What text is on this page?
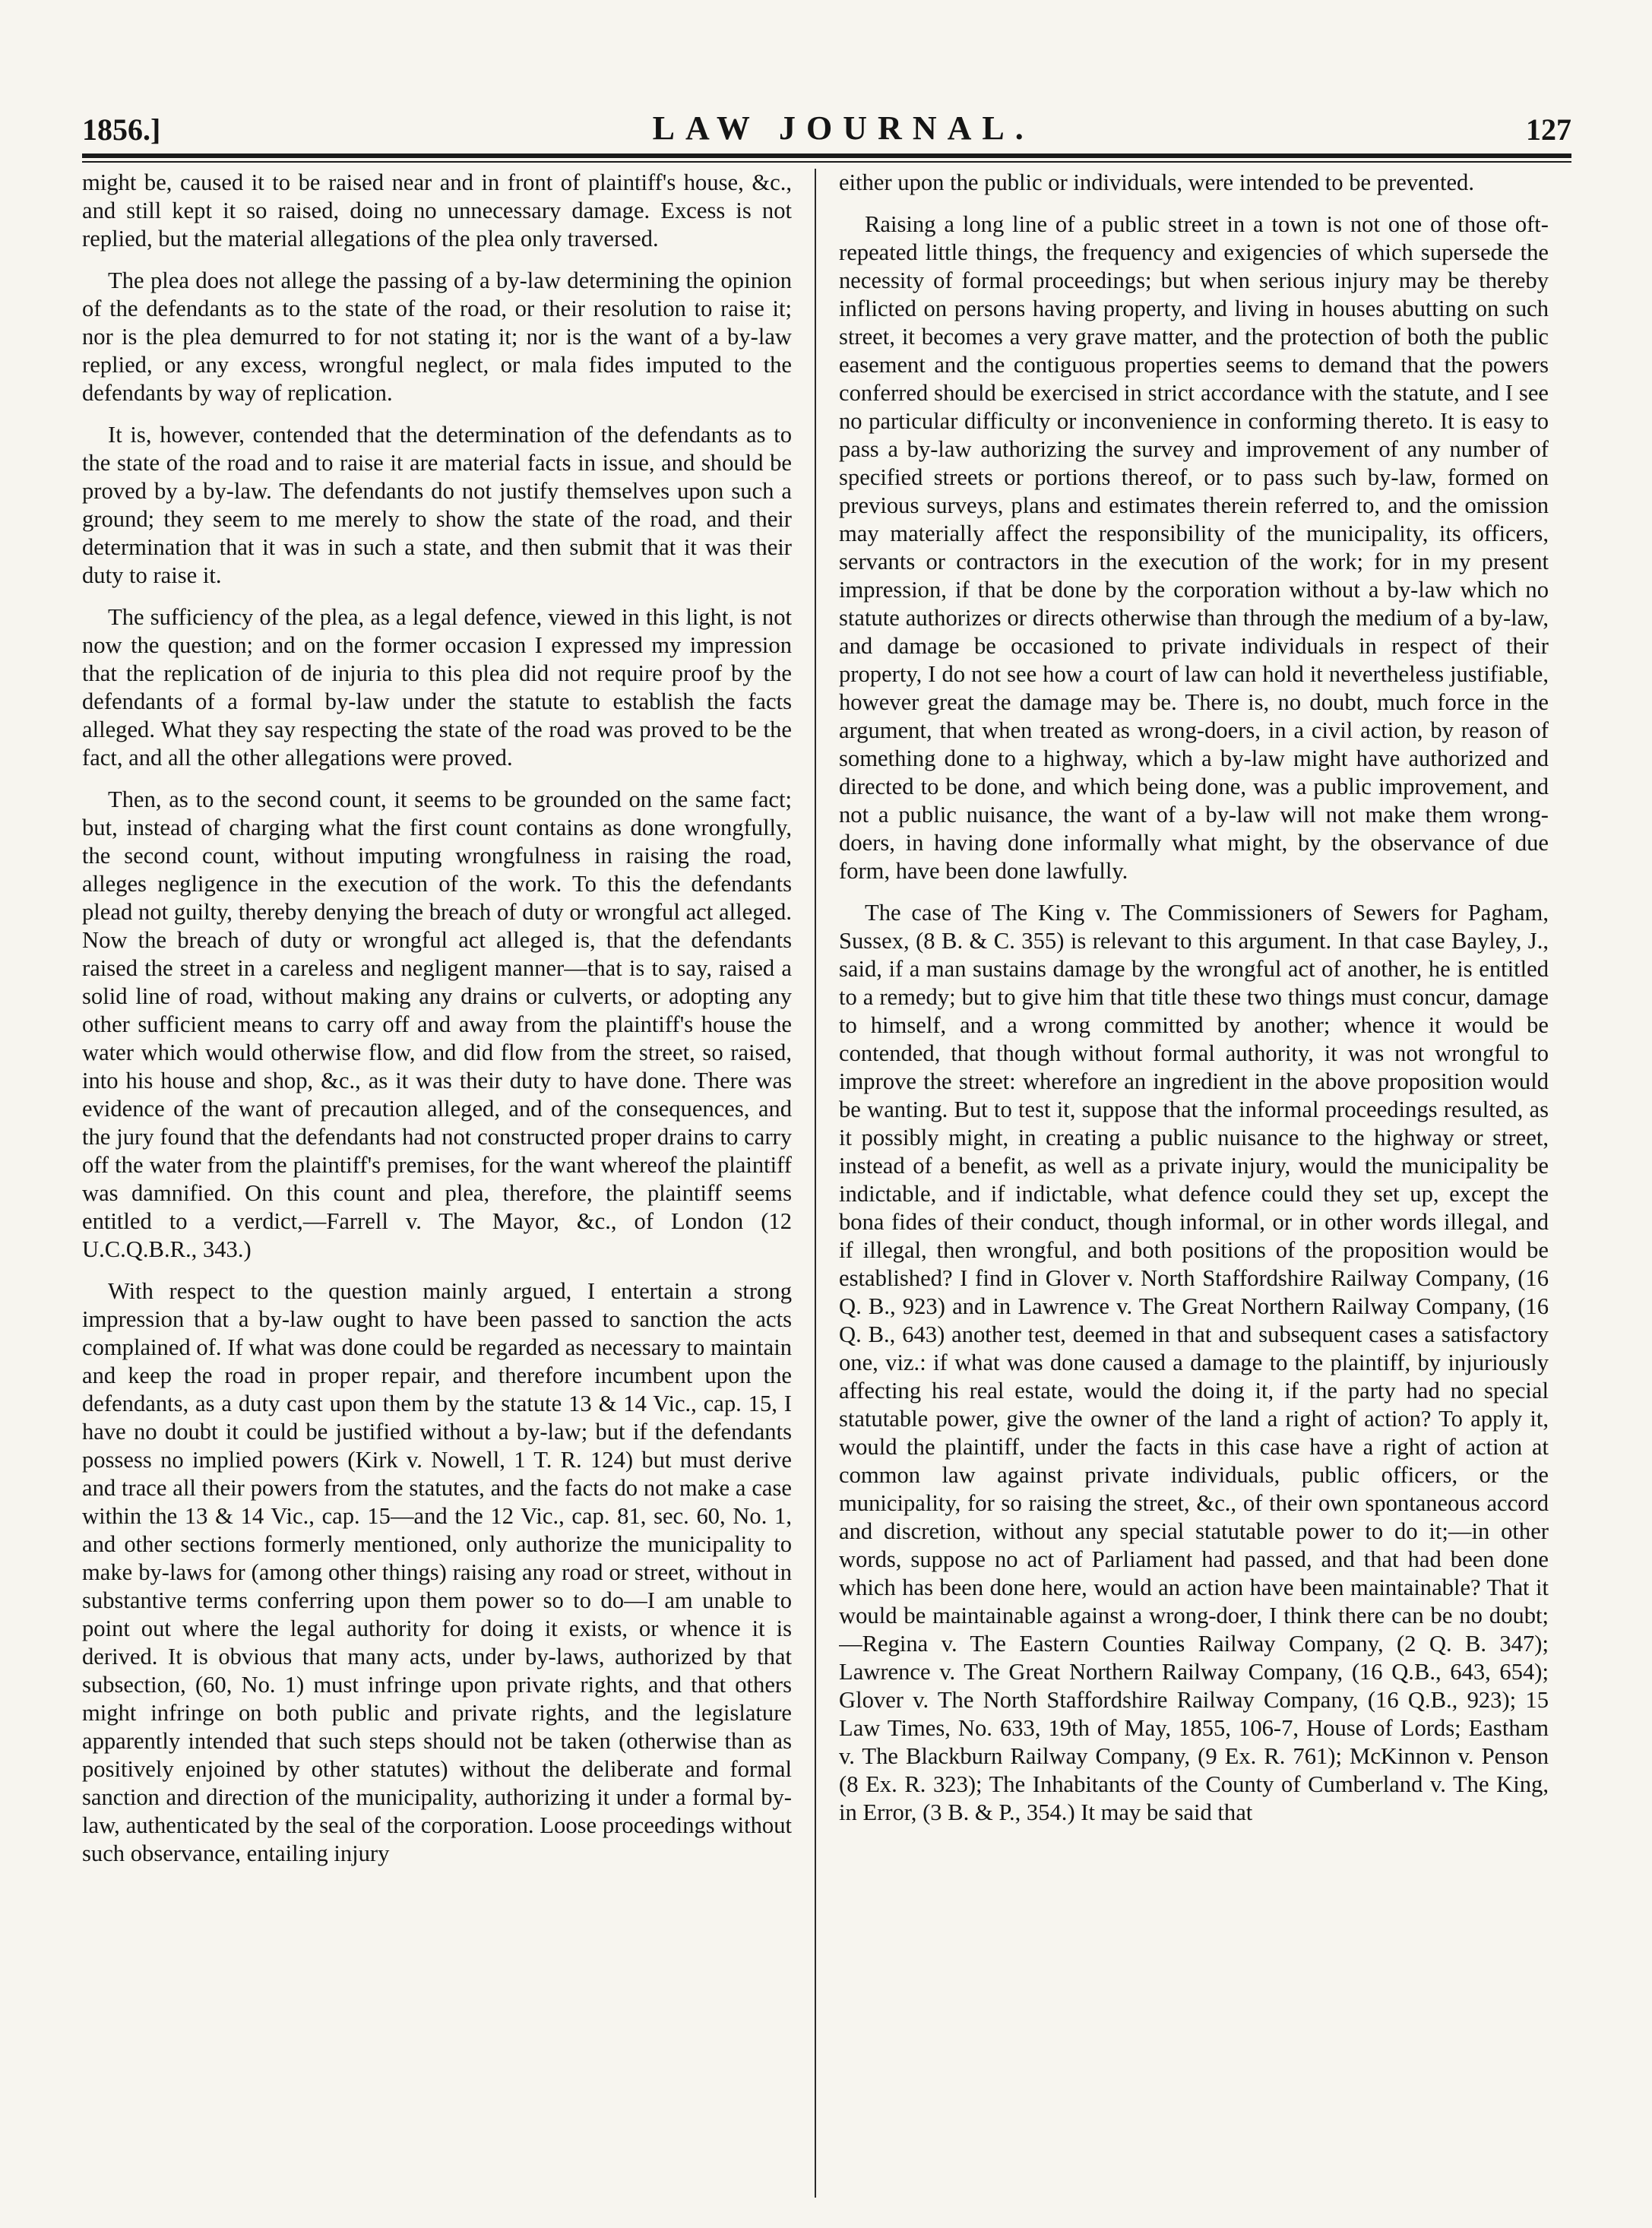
1856.]	LAW JOURNAL.	127

might be, caused it to be raised near and in front of plaintiff's house, &c., and still kept it so raised, doing no unnecessary damage. Excess is not replied, but the material allegations of the plea only traversed.

The plea does not allege the passing of a by-law determining the opinion of the defendants as to the state of the road, or their resolution to raise it; nor is the plea demurred to for not stating it; nor is the want of a by-law replied, or any excess, wrongful neglect, or mala fides imputed to the defendants by way of replication.

It is, however, contended that the determination of the defendants as to the state of the road and to raise it are material facts in issue, and should be proved by a by-law. The defendants do not justify themselves upon such a ground; they seem to me merely to show the state of the road, and their determination that it was in such a state, and then submit that it was their duty to raise it.

The sufficiency of the plea, as a legal defence, viewed in this light, is not now the question; and on the former occasion I expressed my impression that the replication of de injuria to this plea did not require proof by the defendants of a formal by-law under the statute to establish the facts alleged. What they say respecting the state of the road was proved to be the fact, and all the other allegations were proved.

Then, as to the second count, it seems to be grounded on the same fact; but, instead of charging what the first count contains as done wrongfully, the second count, without imputing wrongfulness in raising the road, alleges negligence in the execution of the work. To this the defendants plead not guilty, thereby denying the breach of duty or wrongful act alleged. Now the breach of duty or wrongful act alleged is, that the defendants raised the street in a careless and negligent manner—that is to say, raised a solid line of road, without making any drains or culverts, or adopting any other sufficient means to carry off and away from the plaintiff's house the water which would otherwise flow, and did flow from the street, so raised, into his house and shop, &c., as it was their duty to have done. There was evidence of the want of precaution alleged, and of the consequences, and the jury found that the defendants had not constructed proper drains to carry off the water from the plaintiff's premises, for the want whereof the plaintiff was damnified. On this count and plea, therefore, the plaintiff seems entitled to a verdict,—Farrell v. The Mayor, &c., of London (12 U.C.Q.B.R., 343.)

With respect to the question mainly argued, I entertain a strong impression that a by-law ought to have been passed to sanction the acts complained of. If what was done could be regarded as necessary to maintain and keep the road in proper repair, and therefore incumbent upon the defendants, as a duty cast upon them by the statute 13 & 14 Vic., cap. 15, I have no doubt it could be justified without a by-law; but if the defendants possess no implied powers (Kirk v. Nowell, 1 T. R. 124) but must derive and trace all their powers from the statutes, and the facts do not make a case within the 13 & 14 Vic., cap. 15—and the 12 Vic., cap. 81, sec. 60, No. 1, and other sections formerly mentioned, only authorize the municipality to make by-laws for (among other things) raising any road or street, without in substantive terms conferring upon them power so to do—I am unable to point out where the legal authority for doing it exists, or whence it is derived. It is obvious that many acts, under by-laws, authorized by that subsection, (60, No. 1) must infringe upon private rights, and that others might infringe on both public and private rights, and the legislature apparently intended that such steps should not be taken (otherwise than as positively enjoined by other statutes) without the deliberate and formal sanction and direction of the municipality, authorizing it under a formal by-law, authenticated by the seal of the corporation. Loose proceedings without such observance, entailing injury

either upon the public or individuals, were intended to be prevented.

Raising a long line of a public street in a town is not one of those oft-repeated little things, the frequency and exigencies of which supersede the necessity of formal proceedings; but when serious injury may be thereby inflicted on persons having property, and living in houses abutting on such street, it becomes a very grave matter, and the protection of both the public easement and the contiguous properties seems to demand that the powers conferred should be exercised in strict accordance with the statute, and I see no particular difficulty or inconvenience in conforming thereto. It is easy to pass a by-law authorizing the survey and improvement of any number of specified streets or portions thereof, or to pass such by-law, formed on previous surveys, plans and estimates therein referred to, and the omission may materially affect the responsibility of the municipality, its officers, servants or contractors in the execution of the work; for in my present impression, if that be done by the corporation without a by-law which no statute authorizes or directs otherwise than through the medium of a by-law, and damage be occasioned to private individuals in respect of their property, I do not see how a court of law can hold it nevertheless justifiable, however great the damage may be. There is, no doubt, much force in the argument, that when treated as wrong-doers, in a civil action, by reason of something done to a highway, which a by-law might have authorized and directed to be done, and which being done, was a public improvement, and not a public nuisance, the want of a by-law will not make them wrong-doers, in having done informally what might, by the observance of due form, have been done lawfully.

The case of The King v. The Commissioners of Sewers for Pagham, Sussex, (8 B. & C. 355) is relevant to this argument. In that case Bayley, J., said, if a man sustains damage by the wrongful act of another, he is entitled to a remedy; but to give him that title these two things must concur, damage to himself, and a wrong committed by another; whence it would be contended, that though without formal authority, it was not wrongful to improve the street: wherefore an ingredient in the above proposition would be wanting. But to test it, suppose that the informal proceedings resulted, as it possibly might, in creating a public nuisance to the highway or street, instead of a benefit, as well as a private injury, would the municipality be indictable, and if indictable, what defence could they set up, except the bona fides of their conduct, though informal, or in other words illegal, and if illegal, then wrongful, and both positions of the proposition would be established? I find in Glover v. North Staffordshire Railway Company, (16 Q. B., 923) and in Lawrence v. The Great Northern Railway Company, (16 Q. B., 643) another test, deemed in that and subsequent cases a satisfactory one, viz.: if what was done caused a damage to the plaintiff, by injuriously affecting his real estate, would the doing it, if the party had no special statutable power, give the owner of the land a right of action? To apply it, would the plaintiff, under the facts in this case have a right of action at common law against private individuals, public officers, or the municipality, for so raising the street, &c., of their own spontaneous accord and discretion, without any special statutable power to do it;—in other words, suppose no act of Parliament had passed, and that had been done which has been done here, would an action have been maintainable? That it would be maintainable against a wrong-doer, I think there can be no doubt;—Regina v. The Eastern Counties Railway Company, (2 Q. B. 347); Lawrence v. The Great Northern Railway Company, (16 Q.B., 643, 654); Glover v. The North Staffordshire Railway Company, (16 Q.B., 923); 15 Law Times, No. 633, 19th of May, 1855, 106-7, House of Lords; Eastham v. The Blackburn Railway Company, (9 Ex. R. 761); McKinnon v. Penson (8 Ex. R. 323); The Inhabitants of the County of Cumberland v. The King, in Error, (3 B. & P., 354.) It may be said that
